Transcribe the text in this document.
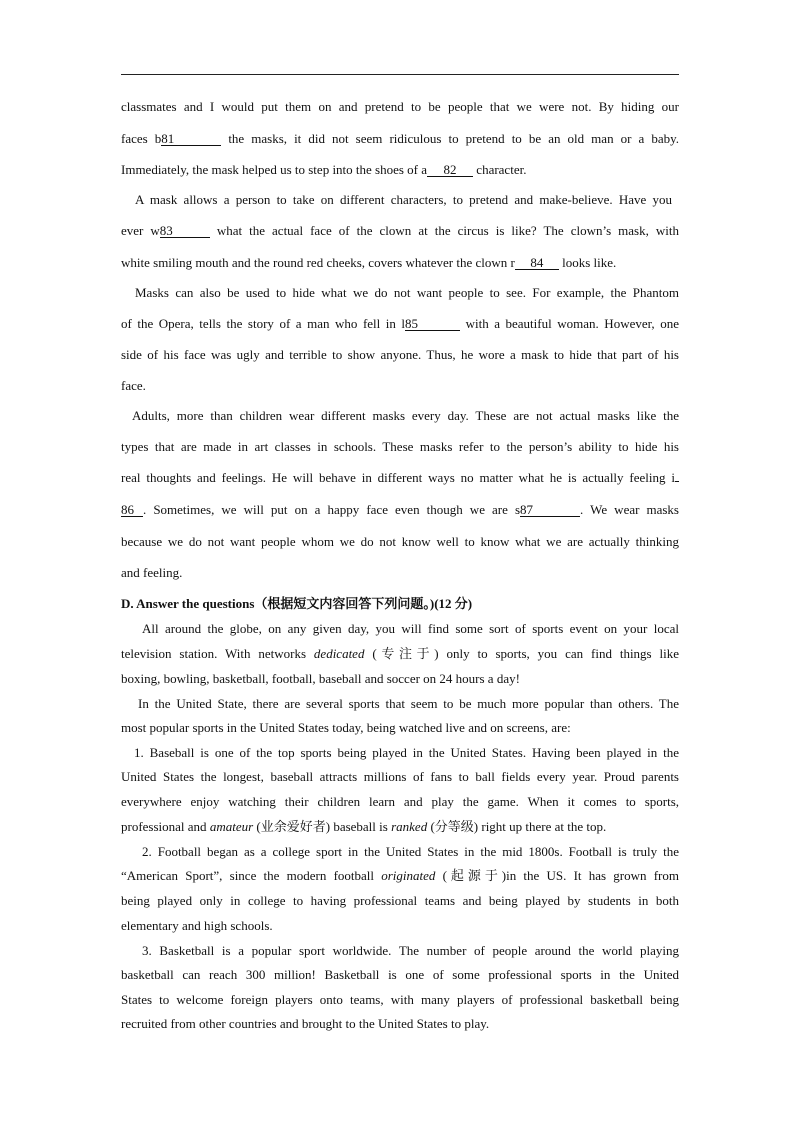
classmates and I would put them on and pretend to be people that we were not. By hiding our
faces b81	the masks, it did not seem ridiculous to pretend to be an old man or a baby.
Immediately, the mask helped us to step into the shoes of a 82 character.
A mask allows a person to take on different characters, to pretend and make-believe. Have you
ever w83	what the actual face of the clown at the circus is like? The clown’s mask, with
white smiling mouth and the round red cheeks, covers whatever the clown r 84 looks like.
Masks can also be used to hide what we do not want people to see. For example, the Phantom
of the Opera, tells the story of a man who fell in l85	with a beautiful woman. However, one
side of his face was ugly and terrible to show anyone. Thus, he wore a mask to hide that part of his
face.
Adults, more than children wear different masks every day. These are not actual masks like the
types that are made in art classes in schools. These masks refer to the person’s ability to hide his
real thoughts and feelings. He will behave in different ways no matter what he is actually feeling i
86 . Sometimes, we will put on a happy face even though we are s87	. We wear masks
because we do not want people whom we do not know well to know what we are actually thinking
and feeling.
D. Answer the questions（根据短文内容回答下列问题。)(12 分)
All around the globe, on any given day, you will find some sort of sports event on your local
television station. With networks dedicated (专注于) only to sports, you can find things like
boxing, bowling, basketball, football, baseball and soccer on 24 hours a day!
In the United State, there are several sports that seem to be much more popular than others. The
most popular sports in the United States today, being watched live and on screens, are:
1. Baseball is one of the top sports being played in the United States. Having been played in the
United States the longest, baseball attracts millions of fans to ball fields every year. Proud parents
everywhere enjoy watching their children learn and play the game. When it comes to sports,
professional and amateur (业余爱好者) baseball is ranked (分等级) right up there at the top.
2. Football began as a college sport in the United States in the mid 1800s. Football is truly the
“American Sport”, since the modern football originated (起源于)in the US. It has grown from
being played only in college to having professional teams and being played by students in both
elementary and high schools.
3. Basketball is a popular sport worldwide. The number of people around the world playing
basketball can reach 300 million! Basketball is one of some professional sports in the United
States to welcome foreign players onto teams, with many players of professional basketball being
recruited from other countries and brought to the United States to play.
